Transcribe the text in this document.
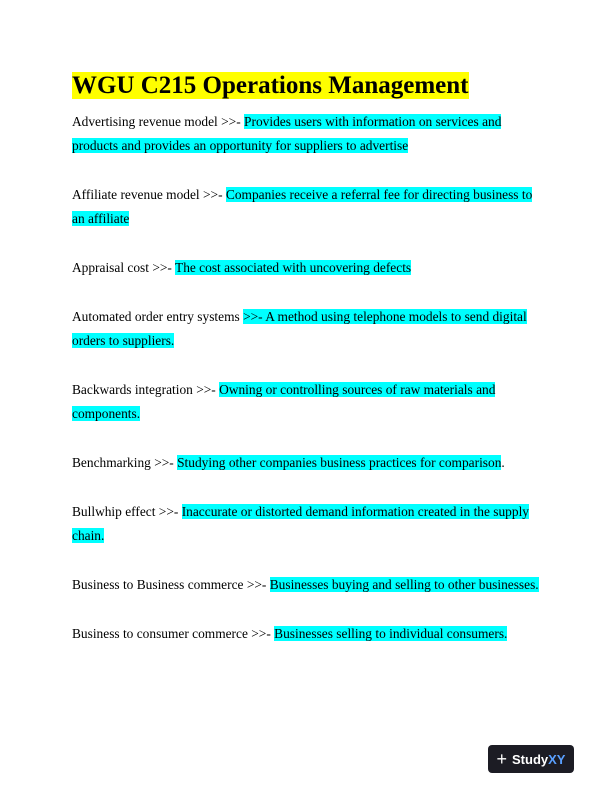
WGU C215 Operations Management

Advertising revenue model >>- Provides users with information on services and products and provides an opportunity for suppliers to advertise

Affiliate revenue model >>- Companies receive a referral fee for directing business to an affiliate

Appraisal cost >>- The cost associated with uncovering defects

Automated order entry systems >>- A method using telephone models to send digital orders to suppliers.

Backwards integration >>- Owning or controlling sources of raw materials and components.

Benchmarking >>- Studying other companies business practices for comparison.

Bullwhip effect >>- Inaccurate or distorted demand information created in the supply chain.

Business to Business commerce >>- Businesses buying and selling to other businesses.

Business to consumer commerce >>- Businesses selling to individual consumers.

+ Study XY
